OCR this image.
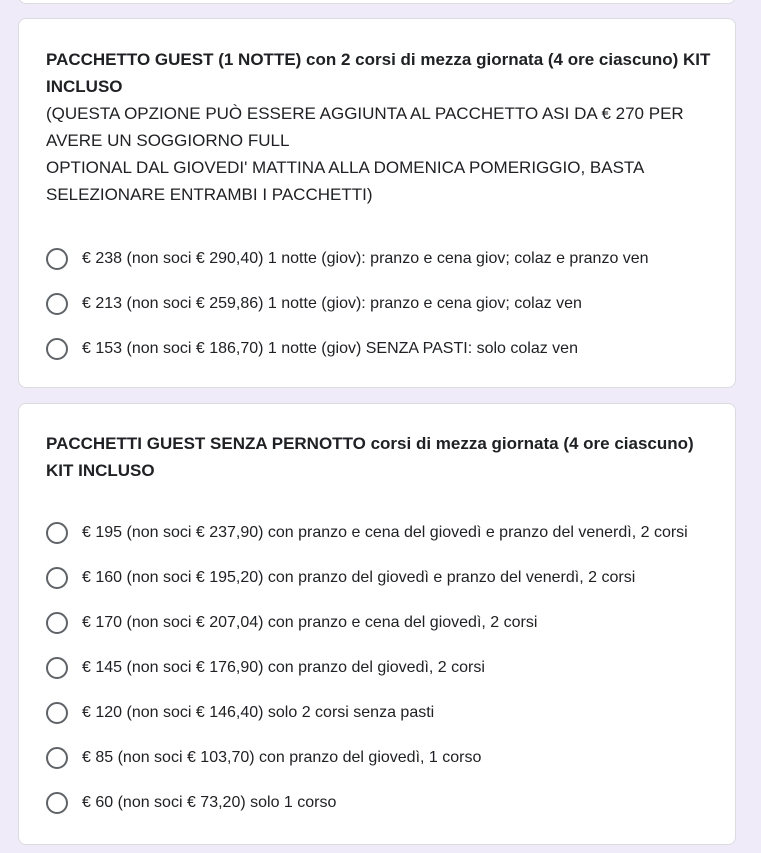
PACCHETTO GUEST (1 NOTTE) con 2 corsi di mezza giornata (4 ore ciascuno) KIT INCLUSO
(QUESTA OPZIONE PUÒ ESSERE AGGIUNTA AL PACCHETTO ASI DA € 270 PER AVERE UN SOGGIORNO FULL
OPTIONAL DAL GIOVEDI' MATTINA ALLA DOMENICA POMERIGGIO, BASTA SELEZIONARE ENTRAMBI I PACCHETTI)
€ 238 (non soci € 290,40) 1 notte (giov): pranzo e cena giov; colaz e pranzo ven
€ 213 (non soci € 259,86) 1 notte (giov): pranzo e cena giov; colaz ven
€ 153 (non soci € 186,70) 1 notte (giov) SENZA PASTI: solo colaz ven
PACCHETTI GUEST SENZA PERNOTTO corsi di mezza giornata (4 ore ciascuno) KIT INCLUSO
€ 195 (non soci € 237,90) con pranzo e cena del giovedì e pranzo del venerdì, 2 corsi
€ 160 (non soci € 195,20) con pranzo del giovedì e pranzo del venerdì, 2 corsi
€ 170 (non soci € 207,04) con pranzo e cena del giovedì, 2 corsi
€ 145 (non soci € 176,90) con pranzo del giovedì, 2 corsi
€ 120 (non soci € 146,40) solo 2 corsi senza pasti
€ 85 (non soci € 103,70) con pranzo del giovedì, 1 corso
€ 60 (non soci € 73,20) solo 1 corso
